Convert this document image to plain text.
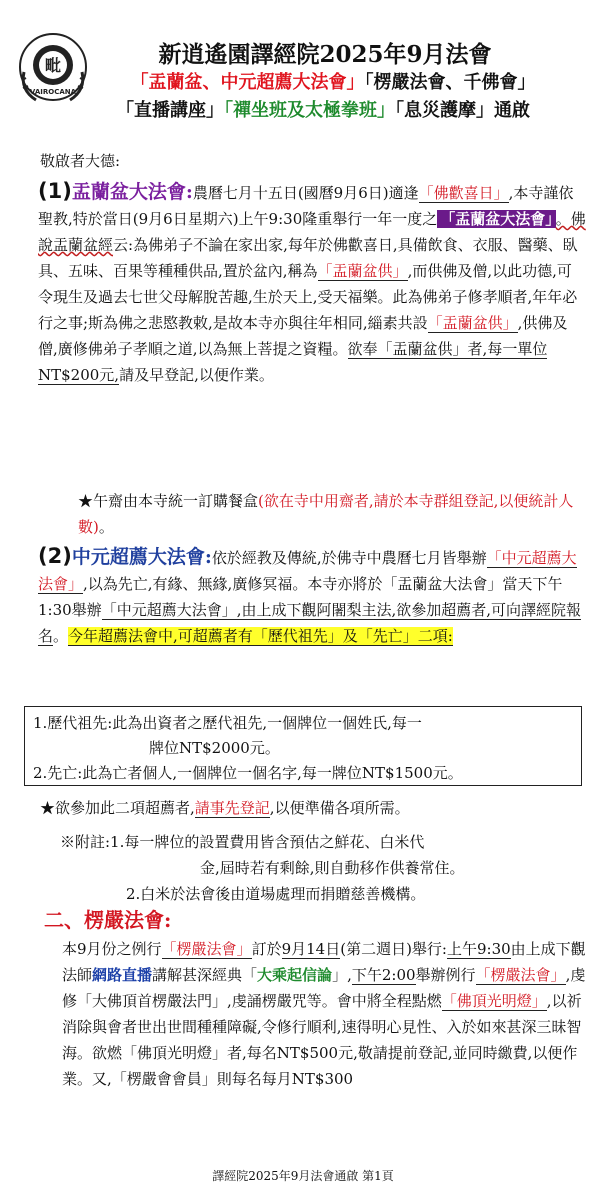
毗
VAIROCANA
新逍遙園譯經院2025年9月法會
「盂蘭盆、中元超薦大法會」「楞嚴法會、千佛會」
「直播講座」「禪坐班及太極拳班」「息災護摩」通啟
敬啟者大德:
(1)盂蘭盆大法會:農曆七月十五日(國曆9月6日)適逢「佛歡喜日」,本寺謹依聖教,特於當日(9月6日星期六)上午9:30隆重舉行一年一度之 「盂蘭盆大法會」 。佛說盂蘭盆經云:為佛弟子不論在家出家,每年於佛歡喜日,具備飲食、衣服、醫藥、臥具、五味、百果等種種供品,置於盆內,稱為「盂蘭盆供」,而供佛及僧,以此功德,可令現生及過去七世父母解脫苦趣,生於天上,受天福樂。此為佛弟子修孝順者,年年必行之事;斯為佛之悲愍教敕,是故本寺亦與往年相同,緇素共設「盂蘭盆供」,供佛及僧,廣修佛弟子孝順之道,以為無上菩提之資糧。欲奉「盂蘭盆供」者,每一單位NT$200元,請及早登記,以便作業。
★午齋由本寺統一訂購餐盒(欲在寺中用齋者,請於本寺群組登記,以便統計人數)。
(2)中元超薦大法會:依於經教及傳統,於佛寺中農曆七月皆舉辦「中元超薦大法會」,以為先亡,有緣、無緣,廣修冥福。本寺亦將於「盂蘭盆大法會」當天下午1:30舉辦「中元超薦大法會」,由上成下觀阿闍梨主法,欲參加超薦者,可向譯經院報名。今年超薦法會中,可超薦者有「歷代祖先」及「先亡」二項:
1.歷代祖先:此為出資者之歷代祖先,一個牌位一個姓氏,每一
牌位NT$2000元。
2.先亡:此為亡者個人,一個牌位一個名字,每一牌位NT$1500元。
★欲參加此二項超薦者,請事先登記,以便準備各項所需。
※附註:1.每一牌位的設置費用皆含預估之鮮花、白米代
金,屆時若有剩餘,則自動移作供養常住。
2.白米於法會後由道場處理而捐贈慈善機構。
二、楞嚴法會:
本9月份之例行「楞嚴法會」訂於9月14日(第二週日)舉行:上午9:30由上成下觀法師網路直播講解甚深經典「大乘起信論」,下午2:00舉辦例行「楞嚴法會」,虔修「大佛頂首楞嚴法門」,虔誦楞嚴咒等。會中將全程點燃「佛頂光明燈」,以祈消除與會者世出世間種種障礙,令修行順利,速得明心見性、入於如來甚深三昧智海。欲燃「佛頂光明燈」者,每名NT$500元,敬請提前登記,並同時繳費,以便作業。又,「楞嚴會會員」則每名每月NT$300
譯經院2025年9月法會通啟 第1頁
